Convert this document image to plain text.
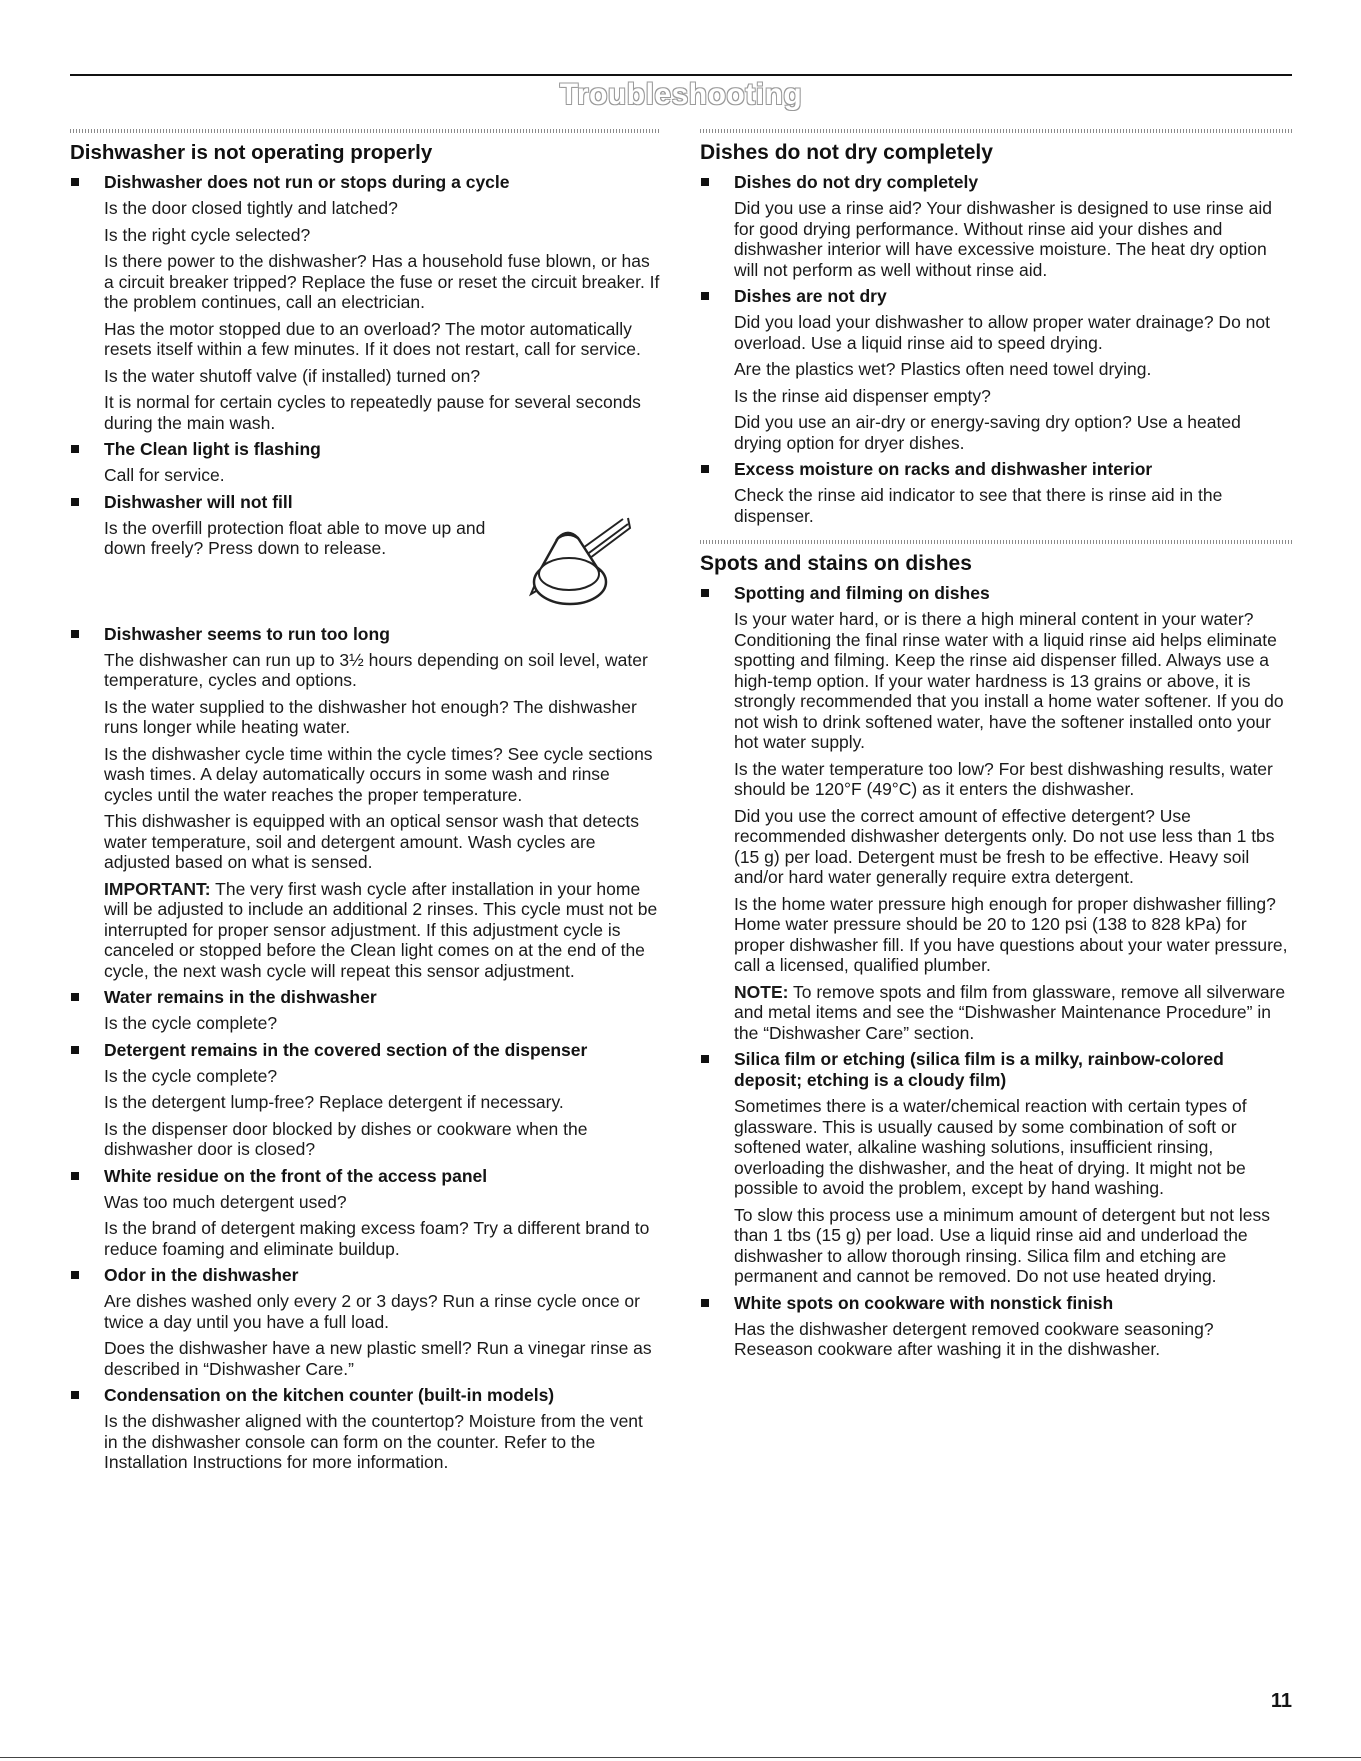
Troubleshooting
Dishwasher is not operating properly
Dishwasher does not run or stops during a cycle
Is the door closed tightly and latched?
Is the right cycle selected?
Is there power to the dishwasher? Has a household fuse blown, or has a circuit breaker tripped? Replace the fuse or reset the circuit breaker. If the problem continues, call an electrician.
Has the motor stopped due to an overload? The motor automatically resets itself within a few minutes. If it does not restart, call for service.
Is the water shutoff valve (if installed) turned on?
It is normal for certain cycles to repeatedly pause for several seconds during the main wash.
The Clean light is flashing
Call for service.
Dishwasher will not fill
Is the overfill protection float able to move up and down freely? Press down to release.
Dishwasher seems to run too long
The dishwasher can run up to 3½ hours depending on soil level, water temperature, cycles and options.
Is the water supplied to the dishwasher hot enough? The dishwasher runs longer while heating water.
Is the dishwasher cycle time within the cycle times? See cycle sections wash times. A delay automatically occurs in some wash and rinse cycles until the water reaches the proper temperature.
This dishwasher is equipped with an optical sensor wash that detects water temperature, soil and detergent amount. Wash cycles are adjusted based on what is sensed.
IMPORTANT: The very first wash cycle after installation in your home will be adjusted to include an additional 2 rinses. This cycle must not be interrupted for proper sensor adjustment. If this adjustment cycle is canceled or stopped before the Clean light comes on at the end of the cycle, the next wash cycle will repeat this sensor adjustment.
Water remains in the dishwasher
Is the cycle complete?
Detergent remains in the covered section of the dispenser
Is the cycle complete?
Is the detergent lump-free? Replace detergent if necessary.
Is the dispenser door blocked by dishes or cookware when the dishwasher door is closed?
White residue on the front of the access panel
Was too much detergent used?
Is the brand of detergent making excess foam? Try a different brand to reduce foaming and eliminate buildup.
Odor in the dishwasher
Are dishes washed only every 2 or 3 days? Run a rinse cycle once or twice a day until you have a full load.
Does the dishwasher have a new plastic smell? Run a vinegar rinse as described in “Dishwasher Care.”
Condensation on the kitchen counter (built-in models)
Is the dishwasher aligned with the countertop? Moisture from the vent in the dishwasher console can form on the counter. Refer to the Installation Instructions for more information.
Dishes do not dry completely
Dishes do not dry completely
Did you use a rinse aid? Your dishwasher is designed to use rinse aid for good drying performance. Without rinse aid your dishes and dishwasher interior will have excessive moisture. The heat dry option will not perform as well without rinse aid.
Dishes are not dry
Did you load your dishwasher to allow proper water drainage? Do not overload. Use a liquid rinse aid to speed drying.
Are the plastics wet? Plastics often need towel drying.
Is the rinse aid dispenser empty?
Did you use an air-dry or energy-saving dry option? Use a heated drying option for dryer dishes.
Excess moisture on racks and dishwasher interior
Check the rinse aid indicator to see that there is rinse aid in the dispenser.
Spots and stains on dishes
Spotting and filming on dishes
Is your water hard, or is there a high mineral content in your water? Conditioning the final rinse water with a liquid rinse aid helps eliminate spotting and filming. Keep the rinse aid dispenser filled. Always use a high-temp option. If your water hardness is 13 grains or above, it is strongly recommended that you install a home water softener. If you do not wish to drink softened water, have the softener installed onto your hot water supply.
Is the water temperature too low? For best dishwashing results, water should be 120°F (49°C) as it enters the dishwasher.
Did you use the correct amount of effective detergent? Use recommended dishwasher detergents only. Do not use less than 1 tbs (15 g) per load. Detergent must be fresh to be effective. Heavy soil and/or hard water generally require extra detergent.
Is the home water pressure high enough for proper dishwasher filling? Home water pressure should be 20 to 120 psi (138 to 828 kPa) for proper dishwasher fill. If you have questions about your water pressure, call a licensed, qualified plumber.
NOTE: To remove spots and film from glassware, remove all silverware and metal items and see the “Dishwasher Maintenance Procedure” in the “Dishwasher Care” section.
Silica film or etching (silica film is a milky, rainbow-colored deposit; etching is a cloudy film)
Sometimes there is a water/chemical reaction with certain types of glassware. This is usually caused by some combination of soft or softened water, alkaline washing solutions, insufficient rinsing, overloading the dishwasher, and the heat of drying. It might not be possible to avoid the problem, except by hand washing.
To slow this process use a minimum amount of detergent but not less than 1 tbs (15 g) per load. Use a liquid rinse aid and underload the dishwasher to allow thorough rinsing. Silica film and etching are permanent and cannot be removed. Do not use heated drying.
White spots on cookware with nonstick finish
Has the dishwasher detergent removed cookware seasoning? Reseason cookware after washing it in the dishwasher.
11
